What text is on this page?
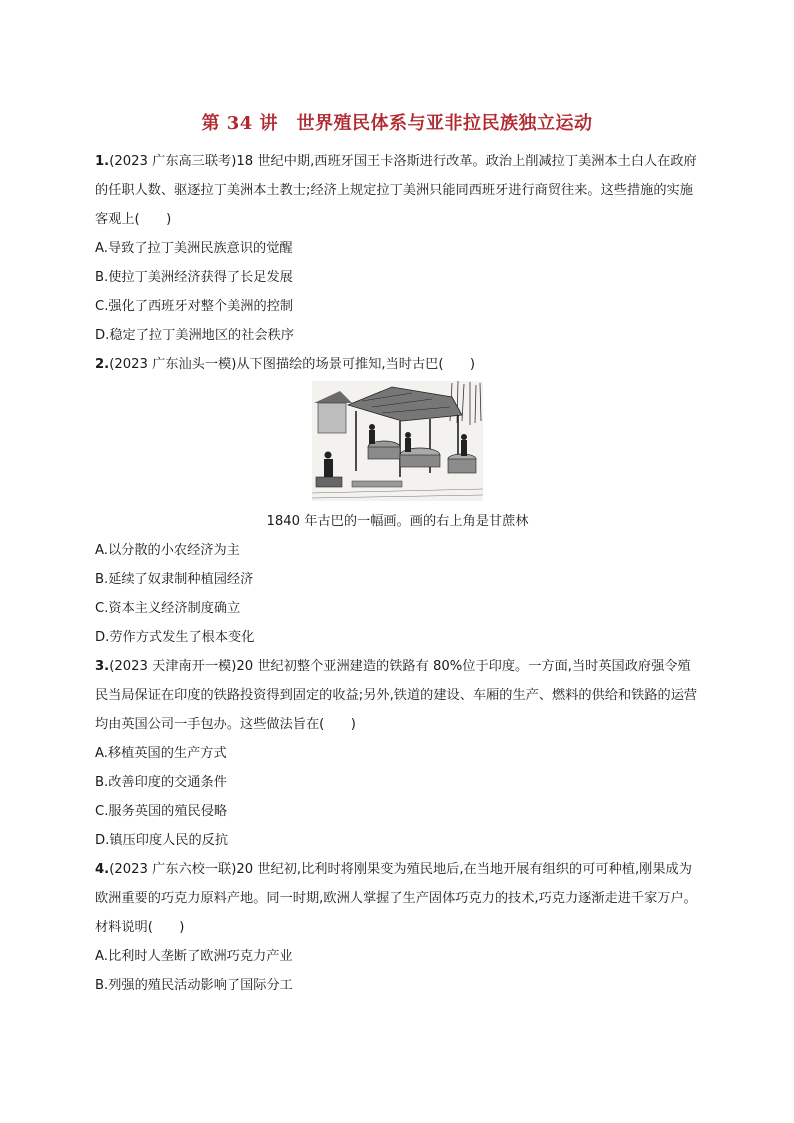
第 34 讲　世界殖民体系与亚非拉民族独立运动

1.(2023 广东高三联考)18 世纪中期,西班牙国王卡洛斯进行改革。政治上削减拉丁美洲本土白人在政府的任职人数、驱逐拉丁美洲本土教士;经济上规定拉丁美洲只能同西班牙进行商贸往来。这些措施的实施客观上(　　)

A.导致了拉丁美洲民族意识的觉醒

B.使拉丁美洲经济获得了长足发展

C.强化了西班牙对整个美洲的控制

D.稳定了拉丁美洲地区的社会秩序

2.(2023 广东汕头一模)从下图描绘的场景可推知,当时古巴(　　)

1840 年古巴的一幅画。画的右上角是甘蔗林

A.以分散的小农经济为主

B.延续了奴隶制种植园经济

C.资本主义经济制度确立

D.劳作方式发生了根本变化

3.(2023 天津南开一模)20 世纪初整个亚洲建造的铁路有 80%位于印度。一方面,当时英国政府强令殖民当局保证在印度的铁路投资得到固定的收益;另外,铁道的建设、车厢的生产、燃料的供给和铁路的运营均由英国公司一手包办。这些做法旨在(　　)

A.移植英国的生产方式

B.改善印度的交通条件

C.服务英国的殖民侵略

D.镇压印度人民的反抗

4.(2023 广东六校一联)20 世纪初,比利时将刚果变为殖民地后,在当地开展有组织的可可种植,刚果成为欧洲重要的巧克力原料产地。同一时期,欧洲人掌握了生产固体巧克力的技术,巧克力逐渐走进千家万户。材料说明(　　)

A.比利时人垄断了欧洲巧克力产业

B.列强的殖民活动影响了国际分工
